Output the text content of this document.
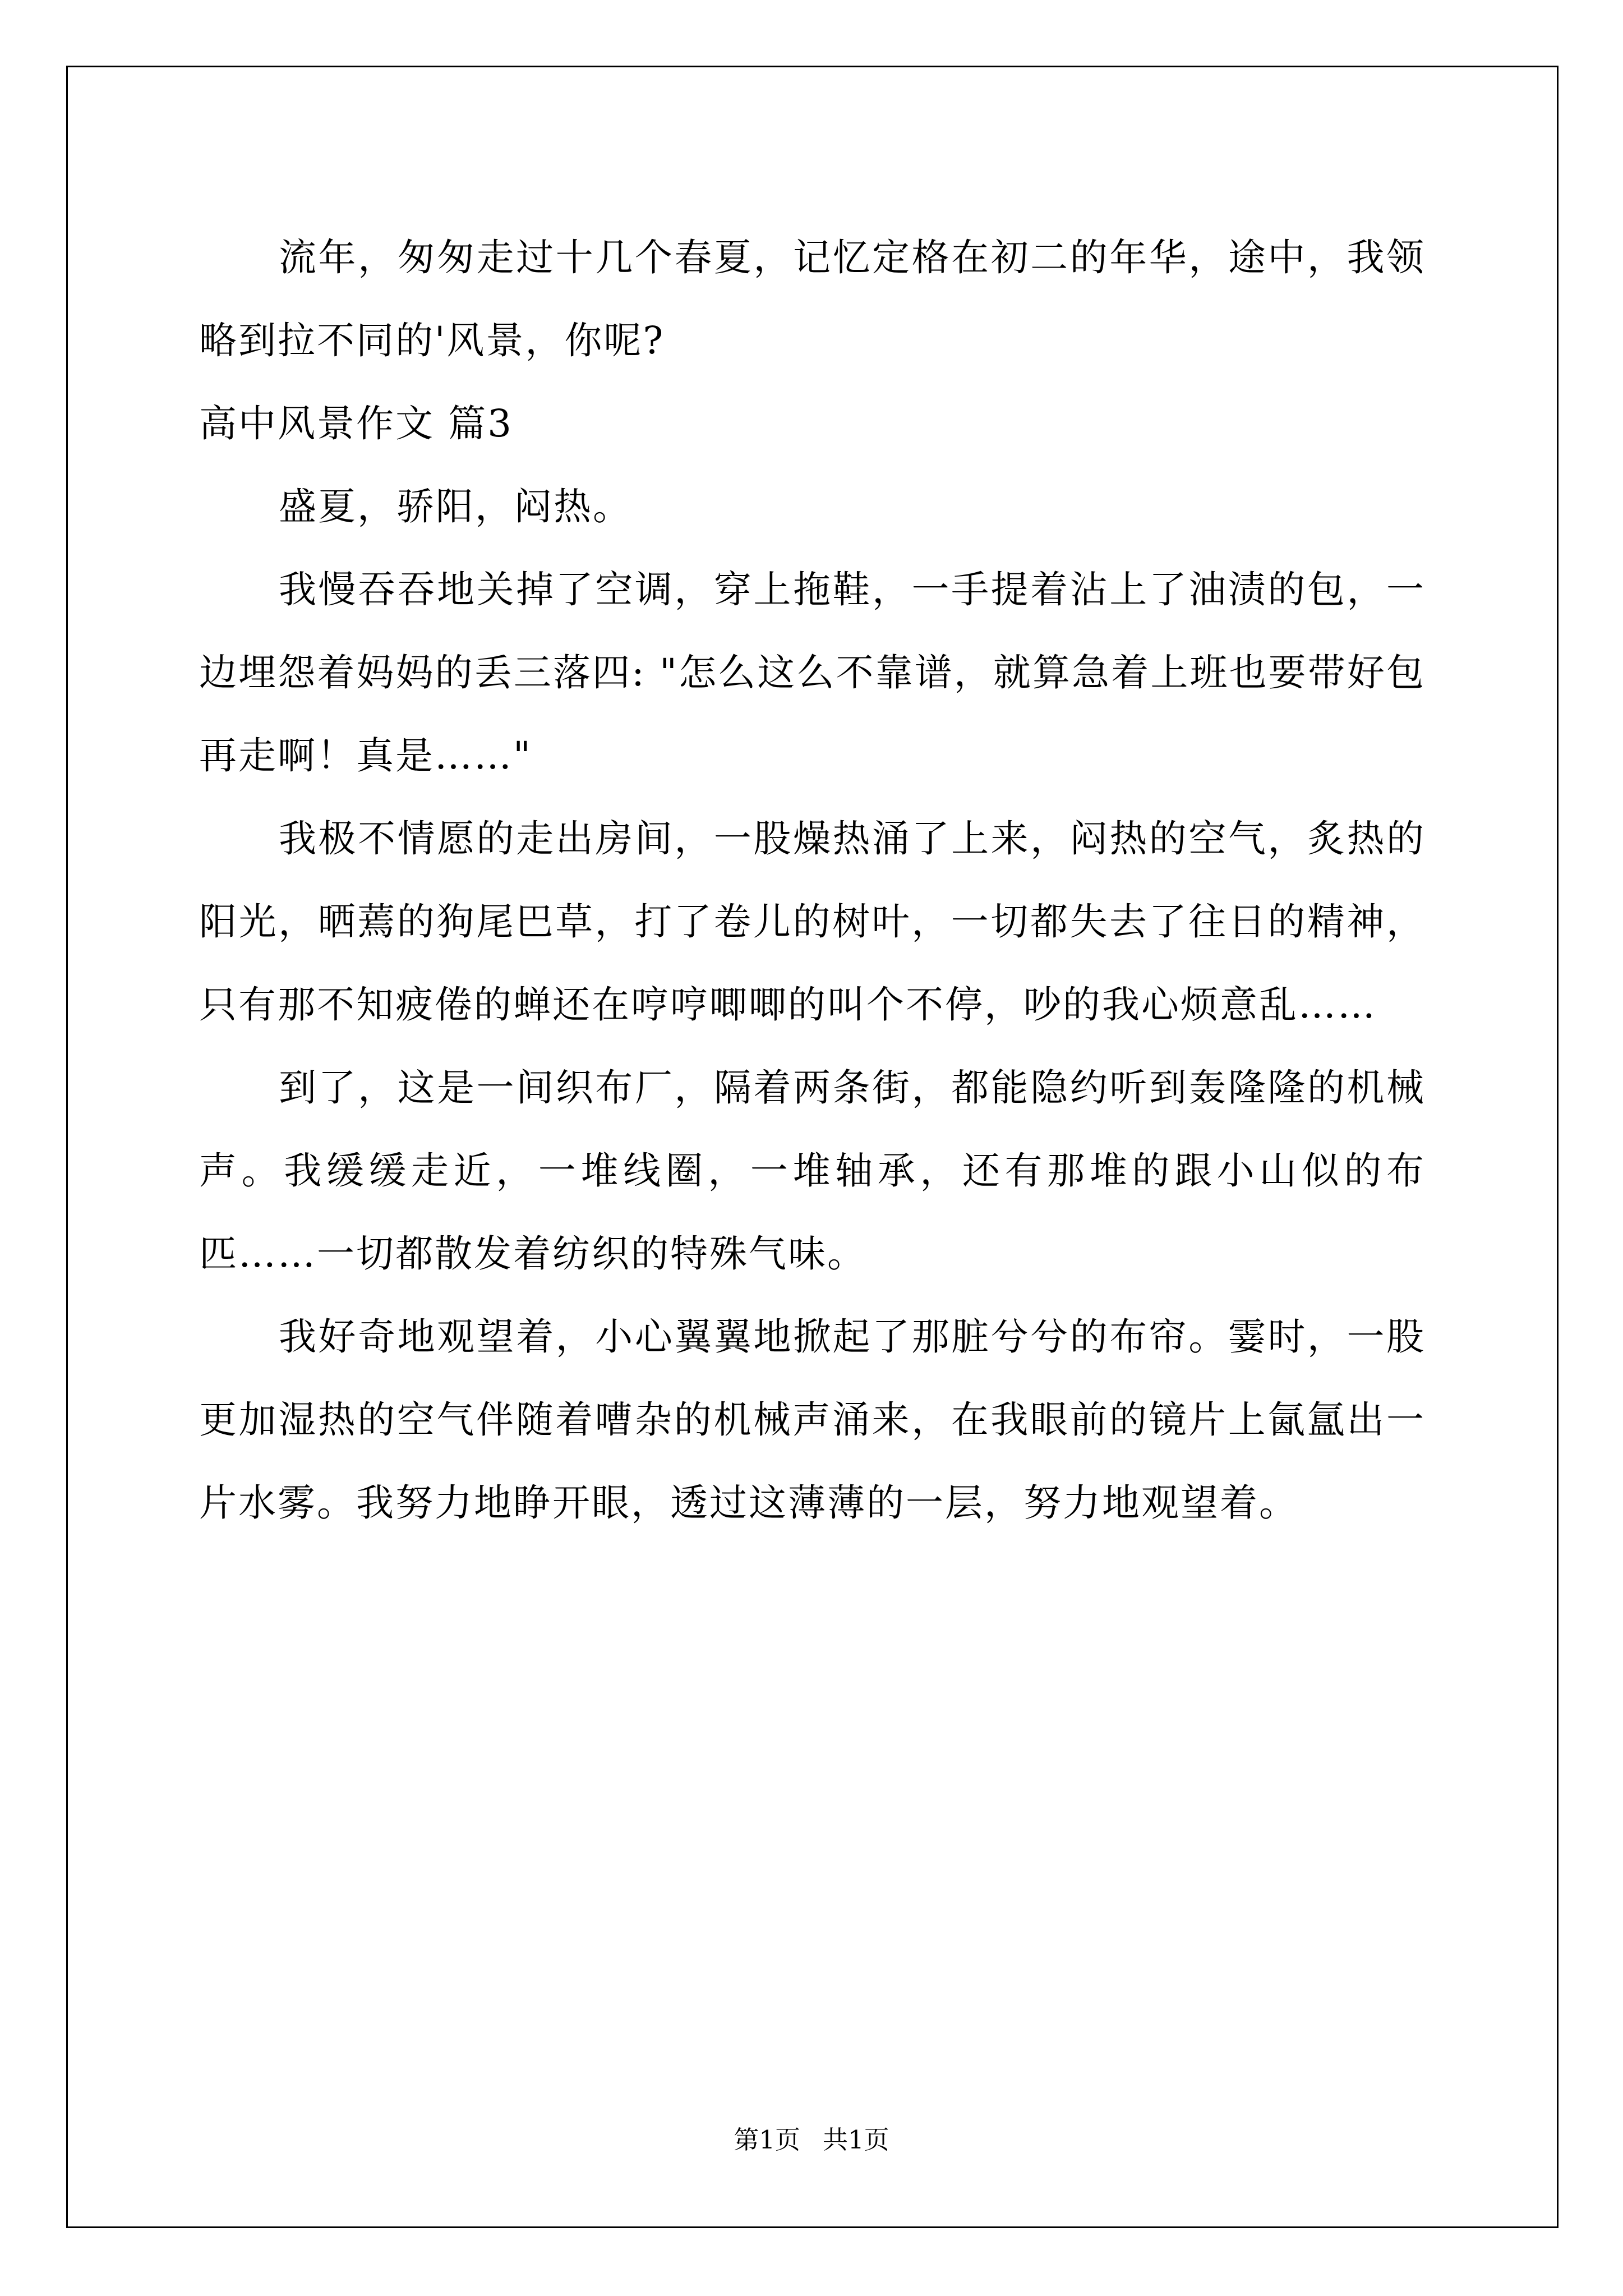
流年，匆匆走过十几个春夏，记忆定格在初二的年华，途中，我领略到拉不同的'风景，你呢?

高中风景作文 篇3

盛夏，骄阳，闷热。

我慢吞吞地关掉了空调，穿上拖鞋，一手提着沾上了油渍的包，一边埋怨着妈妈的丢三落四: "怎么这么不靠谱，就算急着上班也要带好包再走啊！真是……"

我极不情愿的走出房间，一股燥热涌了上来，闷热的空气，炙热的阳光，晒蔫的狗尾巴草，打了卷儿的树叶，一切都失去了往日的精神，只有那不知疲倦的蝉还在哼哼唧唧的叫个不停，吵的我心烦意乱……

到了，这是一间织布厂，隔着两条街，都能隐约听到轰隆隆的机械声。我缓缓走近，一堆线圈，一堆轴承，还有那堆的跟小山似的布匹……一切都散发着纺织的特殊气味。

我好奇地观望着，小心翼翼地掀起了那脏兮兮的布帘。霎时，一股更加湿热的空气伴随着嘈杂的机械声涌来，在我眼前的镜片上氤氲出一片水雾。我努力地睁开眼，透过这薄薄的一层，努力地观望着。

第1页 共1页
